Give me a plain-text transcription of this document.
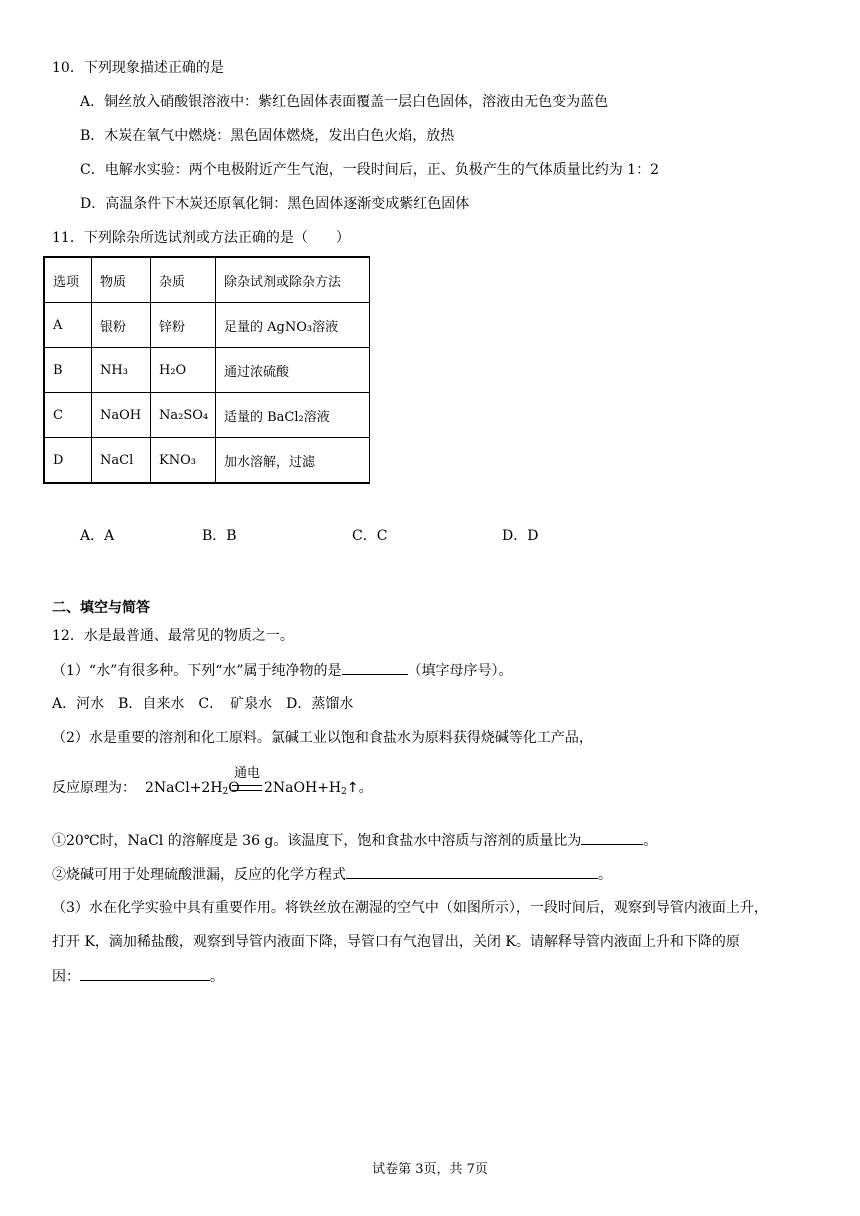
10．下列现象描述正确的是
A．铜丝放入硝酸银溶液中：紫红色固体表面覆盖一层白色固体，溶液由无色变为蓝色
B．木炭在氧气中燃烧：黑色固体燃烧，发出白色火焰，放热
C．电解水实验：两个电极附近产生气泡，一段时间后，正、负极产生的气体质量比约为 1：2
D．高温条件下木炭还原氧化铜：黑色固体逐渐变成紫红色固体
11．下列除杂所选试剂或方法正确的是（　　）
选项	物质	杂质	除杂试剂或除杂方法
A	银粉	锌粉	足量的 AgNO₃溶液
B	NH₃	H₂O	通过浓硫酸
C	NaOH	Na₂SO₄	适量的 BaCl₂溶液
D	NaCl	KNO₃	加水溶解，过滤
A．A	B．B	C．C	D．D
二、填空与简答
12．水是最普通、最常见的物质之一。
（1）“水”有很多种。下列“水”属于纯净物的是	（填字母序号）。
A．河水　B．自来水　C．　矿泉水　D．蒸馏水
（2）水是重要的溶剂和化工原料。氯碱工业以饱和食盐水为原料获得烧碱等化工产品，
反应原理为： $2NaCl+2H_2O$
通电
$2NaOH+H_2↑$。
①20℃时，NaCl 的溶解度是 36 g。该温度下，饱和食盐水中溶质与溶剂的质量比为	。
②烧碱可用于处理硫酸泄漏，反应的化学方程式	。
（3）水在化学实验中具有重要作用。将铁丝放在潮湿的空气中（如图所示），一段时间后，观察到导管内液面上升，
打开 K，滴加稀盐酸，观察到导管内液面下降，导管口有气泡冒出，关闭 K。请解释导管内液面上升和下降的原
因：	。
试卷第 3页，共 7页
